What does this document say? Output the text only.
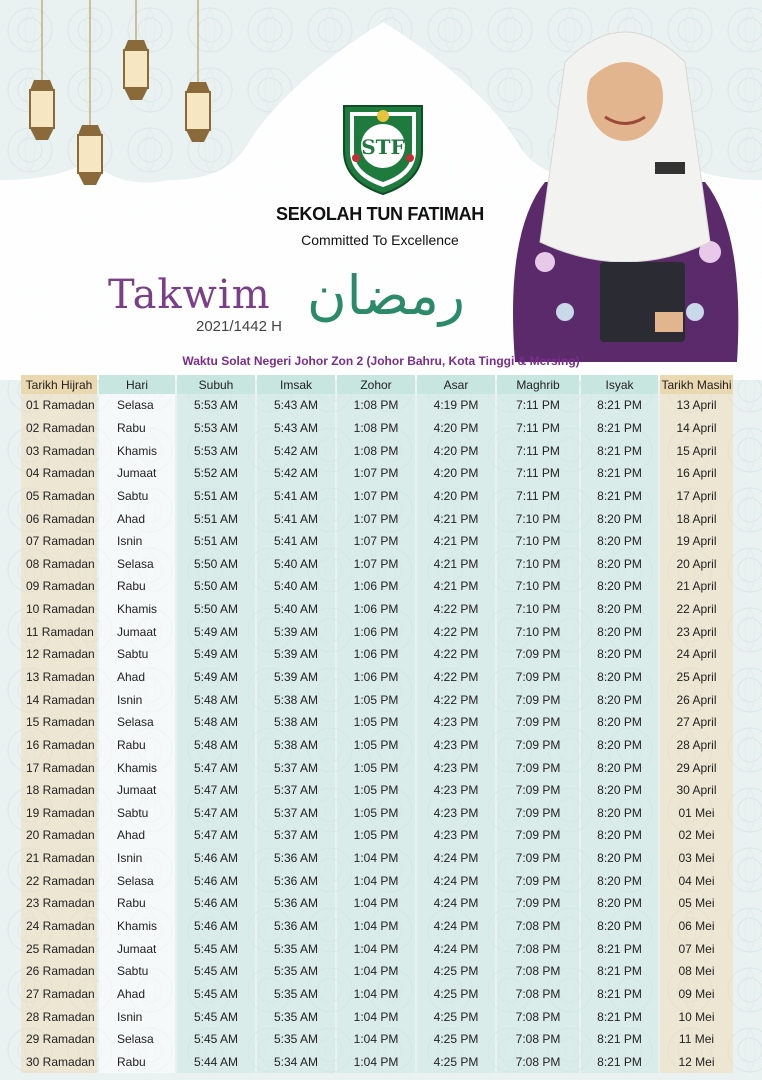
STF
SEKOLAH TUN FATIMAH
Committed To Excellence
Takwim
2021/1442 H رمضان
Waktu Solat Negeri Johor Zon 2 (Johor Bahru, Kota Tinggi & Mersing)
Tarikh Hijrah	Hari	Subuh	Imsak	Zohor	Asar	Maghrib	Isyak	Tarikh Masihi
01 Ramadan	Selasa	5:53 AM	5:43 AM	1:08 PM	4:19 PM	7:11 PM	8:21 PM	13 April
02 Ramadan	Rabu	5:53 AM	5:43 AM	1:08 PM	4:20 PM	7:11 PM	8:21 PM	14 April
03 Ramadan	Khamis	5:53 AM	5:42 AM	1:08 PM	4:20 PM	7:11 PM	8:21 PM	15 April
04 Ramadan	Jumaat	5:52 AM	5:42 AM	1:07 PM	4:20 PM	7:11 PM	8:21 PM	16 April
05 Ramadan	Sabtu	5:51 AM	5:41 AM	1:07 PM	4:20 PM	7:11 PM	8:21 PM	17 April
06 Ramadan	Ahad	5:51 AM	5:41 AM	1:07 PM	4:21 PM	7:10 PM	8:20 PM	18 April
07 Ramadan	Isnin	5:51 AM	5:41 AM	1:07 PM	4:21 PM	7:10 PM	8:20 PM	19 April
08 Ramadan	Selasa	5:50 AM	5:40 AM	1:07 PM	4:21 PM	7:10 PM	8:20 PM	20 April
09 Ramadan	Rabu	5:50 AM	5:40 AM	1:06 PM	4:21 PM	7:10 PM	8:20 PM	21 April
10 Ramadan	Khamis	5:50 AM	5:40 AM	1:06 PM	4:22 PM	7:10 PM	8:20 PM	22 April
11 Ramadan	Jumaat	5:49 AM	5:39 AM	1:06 PM	4:22 PM	7:10 PM	8:20 PM	23 April
12 Ramadan	Sabtu	5:49 AM	5:39 AM	1:06 PM	4:22 PM	7:09 PM	8:20 PM	24 April
13 Ramadan	Ahad	5:49 AM	5:39 AM	1:06 PM	4:22 PM	7:09 PM	8:20 PM	25 April
14 Ramadan	Isnin	5:48 AM	5:38 AM	1:05 PM	4:22 PM	7:09 PM	8:20 PM	26 April
15 Ramadan	Selasa	5:48 AM	5:38 AM	1:05 PM	4:23 PM	7:09 PM	8:20 PM	27 April
16 Ramadan	Rabu	5:48 AM	5:38 AM	1:05 PM	4:23 PM	7:09 PM	8:20 PM	28 April
17 Ramadan	Khamis	5:47 AM	5:37 AM	1:05 PM	4:23 PM	7:09 PM	8:20 PM	29 April
18 Ramadan	Jumaat	5:47 AM	5:37 AM	1:05 PM	4:23 PM	7:09 PM	8:20 PM	30 April
19 Ramadan	Sabtu	5:47 AM	5:37 AM	1:05 PM	4:23 PM	7:09 PM	8:20 PM	01 Mei
20 Ramadan	Ahad	5:47 AM	5:37 AM	1:05 PM	4:23 PM	7:09 PM	8:20 PM	02 Mei
21 Ramadan	Isnin	5:46 AM	5:36 AM	1:04 PM	4:24 PM	7:09 PM	8:20 PM	03 Mei
22 Ramadan	Selasa	5:46 AM	5:36 AM	1:04 PM	4:24 PM	7:09 PM	8:20 PM	04 Mei
23 Ramadan	Rabu	5:46 AM	5:36 AM	1:04 PM	4:24 PM	7:09 PM	8:20 PM	05 Mei
24 Ramadan	Khamis	5:46 AM	5:36 AM	1:04 PM	4:24 PM	7:08 PM	8:20 PM	06 Mei
25 Ramadan	Jumaat	5:45 AM	5:35 AM	1:04 PM	4:24 PM	7:08 PM	8:21 PM	07 Mei
26 Ramadan	Sabtu	5:45 AM	5:35 AM	1:04 PM	4:25 PM	7:08 PM	8:21 PM	08 Mei
27 Ramadan	Ahad	5:45 AM	5:35 AM	1:04 PM	4:25 PM	7:08 PM	8:21 PM	09 Mei
28 Ramadan	Isnin	5:45 AM	5:35 AM	1:04 PM	4:25 PM	7:08 PM	8:21 PM	10 Mei
29 Ramadan	Selasa	5:45 AM	5:35 AM	1:04 PM	4:25 PM	7:08 PM	8:21 PM	11 Mei
30 Ramadan	Rabu	5:44 AM	5:34 AM	1:04 PM	4:25 PM	7:08 PM	8:21 PM	12 Mei
